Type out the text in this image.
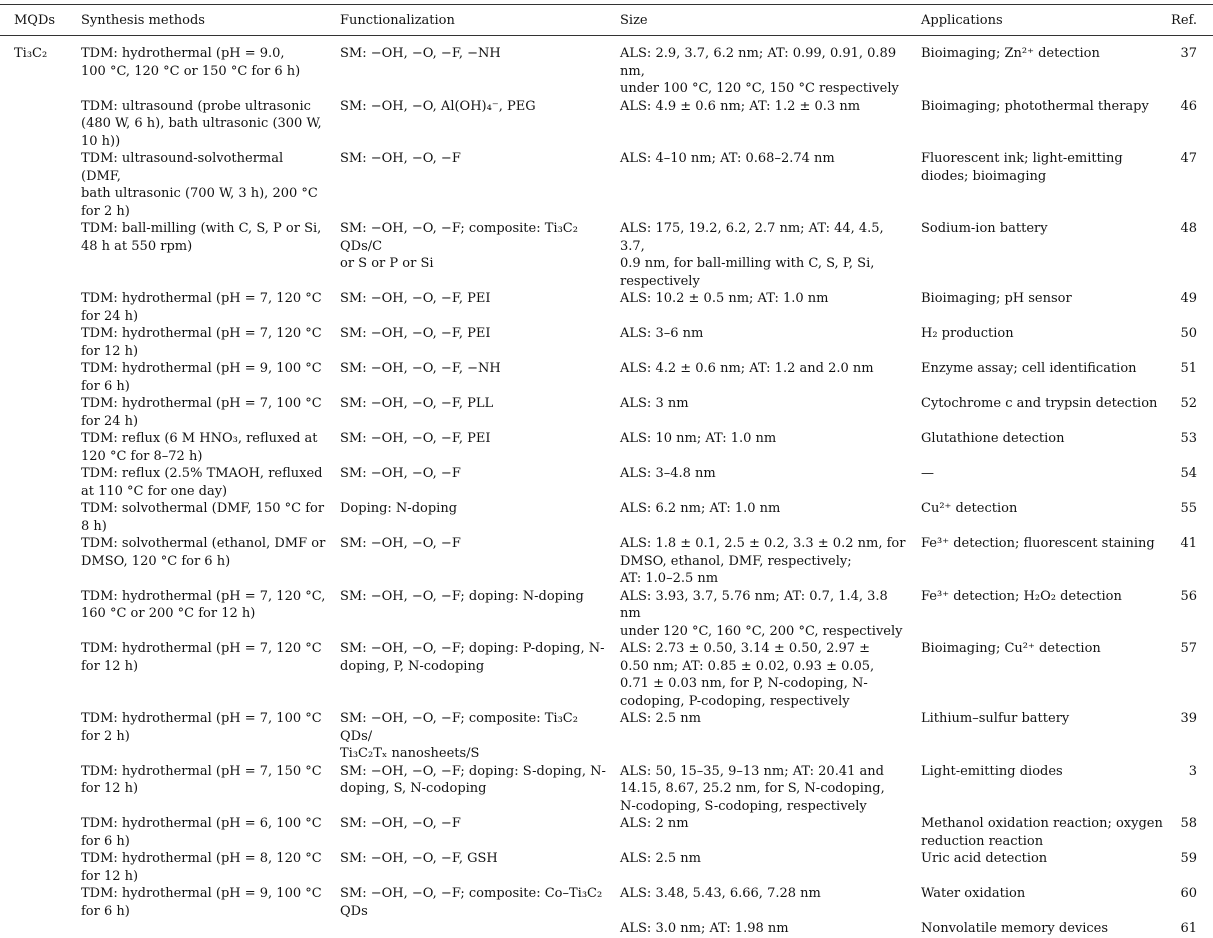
MQDs	Synthesis methods	Functionalization	Size	Applications	Ref.
Ti₃C₂	TDM: hydrothermal (pH = 9.0,
100 °C, 120 °C or 150 °C for 6 h)	SM: −OH, −O, −F, −NH	ALS: 2.9, 3.7, 6.2 nm; AT: 0.99, 0.91, 0.89 nm,
under 100 °C, 120 °C, 150 °C respectively	Bioimaging; Zn²⁺ detection	37
	TDM: ultrasound (probe ultrasonic
(480 W, 6 h), bath ultrasonic (300 W,
10 h))	SM: −OH, −O, Al(OH)₄⁻, PEG	ALS: 4.9 ± 0.6 nm; AT: 1.2 ± 0.3 nm	Bioimaging; photothermal therapy	46
	TDM: ultrasound-solvothermal (DMF,
bath ultrasonic (700 W, 3 h), 200 °C
for 2 h)	SM: −OH, −O, −F	ALS: 4–10 nm; AT: 0.68–2.74 nm	Fluorescent ink; light-emitting
diodes; bioimaging	47
	TDM: ball-milling (with C, S, P or Si,
48 h at 550 rpm)	SM: −OH, −O, −F; composite: Ti₃C₂ QDs/C
or S or P or Si	ALS: 175, 19.2, 6.2, 2.7 nm; AT: 44, 4.5, 3.7,
0.9 nm, for ball-milling with C, S, P, Si,
respectively	Sodium-ion battery	48
	TDM: hydrothermal (pH = 7, 120 °C
for 24 h)	SM: −OH, −O, −F, PEI	ALS: 10.2 ± 0.5 nm; AT: 1.0 nm	Bioimaging; pH sensor	49
	TDM: hydrothermal (pH = 7, 120 °C
for 12 h)	SM: −OH, −O, −F, PEI	ALS: 3–6 nm	H₂ production	50
	TDM: hydrothermal (pH = 9, 100 °C
for 6 h)	SM: −OH, −O, −F, −NH	ALS: 4.2 ± 0.6 nm; AT: 1.2 and 2.0 nm	Enzyme assay; cell identification	51
	TDM: hydrothermal (pH = 7, 100 °C
for 24 h)	SM: −OH, −O, −F, PLL	ALS: 3 nm	Cytochrome c and trypsin detection	52
	TDM: reflux (6 M HNO₃, refluxed at
120 °C for 8–72 h)	SM: −OH, −O, −F, PEI	ALS: 10 nm; AT: 1.0 nm	Glutathione detection	53
	TDM: reflux (2.5% TMAOH, refluxed
at 110 °C for one day)	SM: −OH, −O, −F	ALS: 3–4.8 nm	—	54
	TDM: solvothermal (DMF, 150 °C for
8 h)	Doping: N-doping	ALS: 6.2 nm; AT: 1.0 nm	Cu²⁺ detection	55
	TDM: solvothermal (ethanol, DMF or
DMSO, 120 °C for 6 h)	SM: −OH, −O, −F	ALS: 1.8 ± 0.1, 2.5 ± 0.2, 3.3 ± 0.2 nm, for
DMSO, ethanol, DMF, respectively;
AT: 1.0–2.5 nm	Fe³⁺ detection; fluorescent staining	41
	TDM: hydrothermal (pH = 7, 120 °C,
160 °C or 200 °C for 12 h)	SM: −OH, −O, −F; doping: N-doping	ALS: 3.93, 3.7, 5.76 nm; AT: 0.7, 1.4, 3.8 nm
under 120 °C, 160 °C, 200 °C, respectively	Fe³⁺ detection; H₂O₂ detection	56
	TDM: hydrothermal (pH = 7, 120 °C
for 12 h)	SM: −OH, −O, −F; doping: P-doping, N-
doping, P, N-codoping	ALS: 2.73 ± 0.50, 3.14 ± 0.50, 2.97 ±
0.50 nm; AT: 0.85 ± 0.02, 0.93 ± 0.05,
0.71 ± 0.03 nm, for P, N-codoping, N-
codoping, P-codoping, respectively	Bioimaging; Cu²⁺ detection	57
	TDM: hydrothermal (pH = 7, 100 °C
for 2 h)	SM: −OH, −O, −F; composite: Ti₃C₂ QDs/
Ti₃C₂Tₓ nanosheets/S	ALS: 2.5 nm	Lithium–sulfur battery	39
	TDM: hydrothermal (pH = 7, 150 °C
for 12 h)	SM: −OH, −O, −F; doping: S-doping, N-
doping, S, N-codoping	ALS: 50, 15–35, 9–13 nm; AT: 20.41 and
14.15, 8.67, 25.2 nm, for S, N-codoping,
N-codoping, S-codoping, respectively	Light-emitting diodes	3
	TDM: hydrothermal (pH = 6, 100 °C
for 6 h)	SM: −OH, −O, −F	ALS: 2 nm	Methanol oxidation reaction; oxygen
reduction reaction	58
	TDM: hydrothermal (pH = 8, 120 °C
for 12 h)	SM: −OH, −O, −F, GSH	ALS: 2.5 nm	Uric acid detection	59
	TDM: hydrothermal (pH = 9, 100 °C
for 6 h)	SM: −OH, −O, −F; composite: Co–Ti₃C₂
QDs	ALS: 3.48, 5.43, 6.66, 7.28 nm	Water oxidation	60
			ALS: 3.0 nm; AT: 1.98 nm	Nonvolatile memory devices	61
